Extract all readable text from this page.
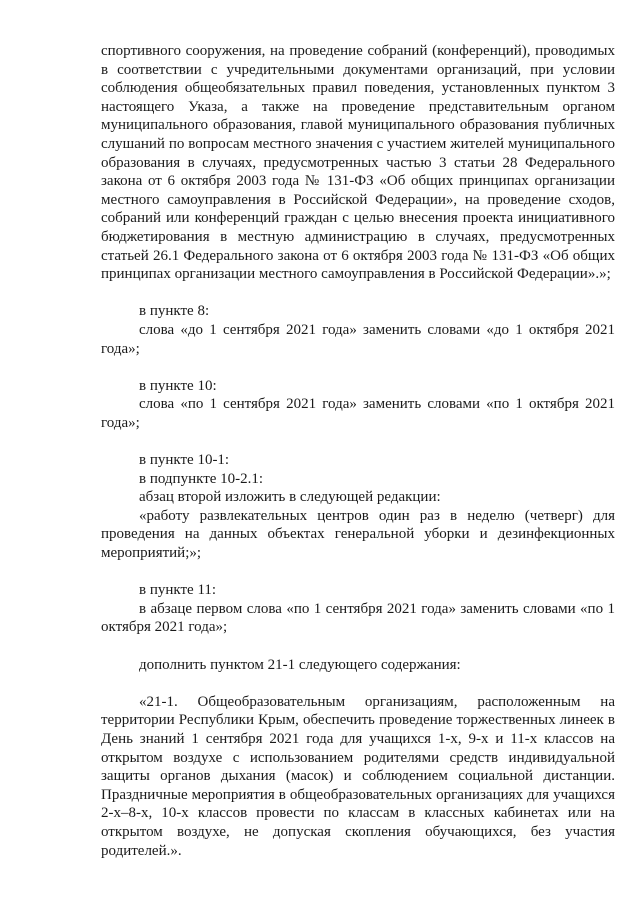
спортивного сооружения, на проведение собраний (конференций), проводимых в соответствии с учредительными документами организаций, при условии соблюдения общеобязательных правил поведения, установленных пунктом 3 настоящего Указа, а также на проведение представительным органом муниципального образования, главой муниципального образования публичных слушаний по вопросам местного значения с участием жителей муниципального образования в случаях, предусмотренных частью 3 статьи 28 Федерального закона от 6 октября 2003 года № 131-ФЗ «Об общих принципах организации местного самоуправления в Российской Федерации», на проведение сходов, собраний или конференций граждан с целью внесения проекта инициативного бюджетирования в местную администрацию в случаях, предусмотренных статьей 26.1 Федерального закона от 6 октября 2003 года № 131-ФЗ «Об общих принципах организации местного самоуправления в Российской Федерации».»;

в пункте 8:

слова «до 1 сентября 2021 года» заменить словами «до 1 октября 2021 года»;

в пункте 10:

слова «по 1 сентября 2021 года» заменить словами «по 1 октября 2021 года»;

в пункте 10-1:

в подпункте 10-2.1:

абзац второй изложить в следующей редакции:

«работу развлекательных центров один раз в неделю (четверг) для проведения на данных объектах генеральной уборки и дезинфекционных мероприятий;»;

в пункте 11:

в абзаце первом слова «по 1 сентября 2021 года» заменить словами «по 1 октября 2021 года»;

дополнить пунктом 21-1 следующего содержания:

«21-1. Общеобразовательным организациям, расположенным на территории Республики Крым, обеспечить проведение торжественных линеек в День знаний 1 сентября 2021 года для учащихся 1-х, 9-х и 11-х классов на открытом воздухе с использованием родителями средств индивидуальной защиты органов дыхания (масок) и соблюдением социальной дистанции. Праздничные мероприятия в общеобразовательных организациях для учащихся 2-х–8-х, 10-х классов провести по классам в классных кабинетах или на открытом воздухе, не допуская скопления обучающихся, без участия родителей.».
